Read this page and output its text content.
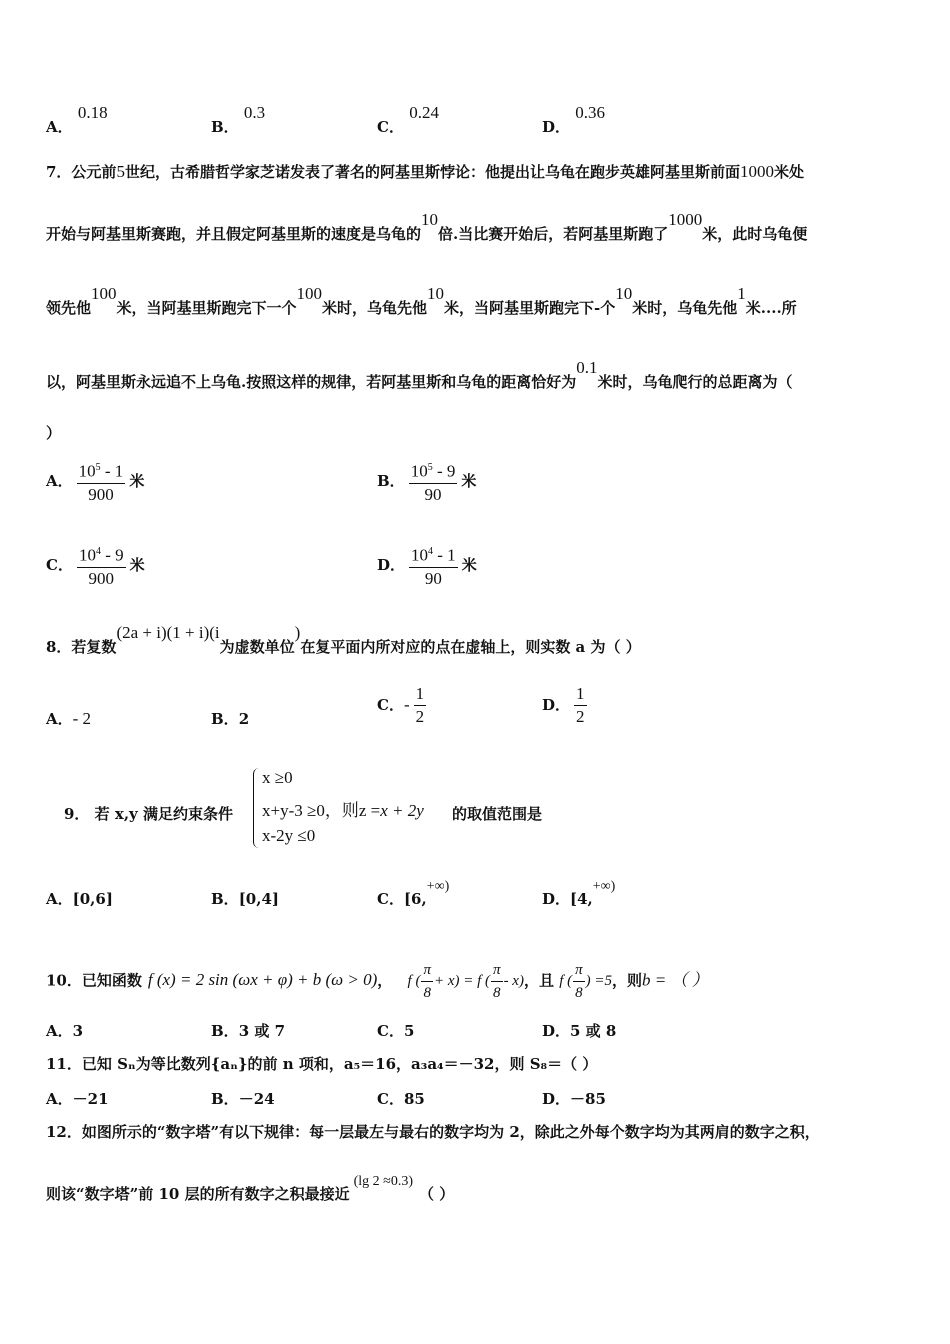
A． 0.18
B． 0.3
C． 0.24
D． 0.36
7．公元前5世纪，古希腊哲学家芝诺发表了著名的阿基里斯悖论：他提出让乌龟在跑步英雄阿基里斯前面1000米处
开始与阿基里斯赛跑，并且假定阿基里斯的速度是乌龟的10倍.当比赛开始后，若阿基里斯跑了1000米，此时乌龟便
领先他100米，当阿基里斯跑完下一个100米时，乌龟先他10米，当阿基里斯跑完下-个10米时，乌龟先他1米....所
以，阿基里斯永远追不上乌龟.按照这样的规律，若阿基里斯和乌龟的距离恰好为0.1米时，乌龟爬行的总距离为（
）
A． $\frac{10^5 - 1}{900}$ 米	B． $\frac{10^5 - 9}{90}$ 米
C． $\frac{10^4 - 9}{900}$ 米	D． $\frac{10^4 - 1}{90}$ 米
8．若复数(2a + i)(1 + i)(i为虚数单位)在复平面内所对应的点在虚轴上，则实数 a 为（ ）
A．- 2	B．2
C．- $\frac{1}{2}$	D． $\frac{1}{2}$
9． 若 x,y 满足约束条件
x ≥0
x+y-3 ≥0，则z =x + 2y
x-2y ≤0
的取值范围是
A．[0,6]	B．[0,4]	C．[6,+∞)
D．[4,+∞)
10．已知函数 f (x) = 2 sin (ωx + φ) + b (ω > 0)， f ( $\frac{\pi}{8} + x) = f$ ( $\frac{\pi}{8} - x$)，且 f ( $\frac{\pi}{8}$ ) =5，则b = （ ）
A．3	B．3 或 7	C．5	D．5 或 8
11．已知 Sₙ为等比数列{aₙ}的前 n 项和，a₅＝16，a₃a₄＝－32，则 S₈＝（ ）
A．－21	B．－24	C．85	D．－85
12．如图所示的“数字塔”有以下规律：每一层最左与最右的数字均为 2，除此之外每个数字均为其两肩的数字之积，
则该“数字塔”前 10 层的所有数字之积最接近(lg 2 ≈0.3)（ ）
